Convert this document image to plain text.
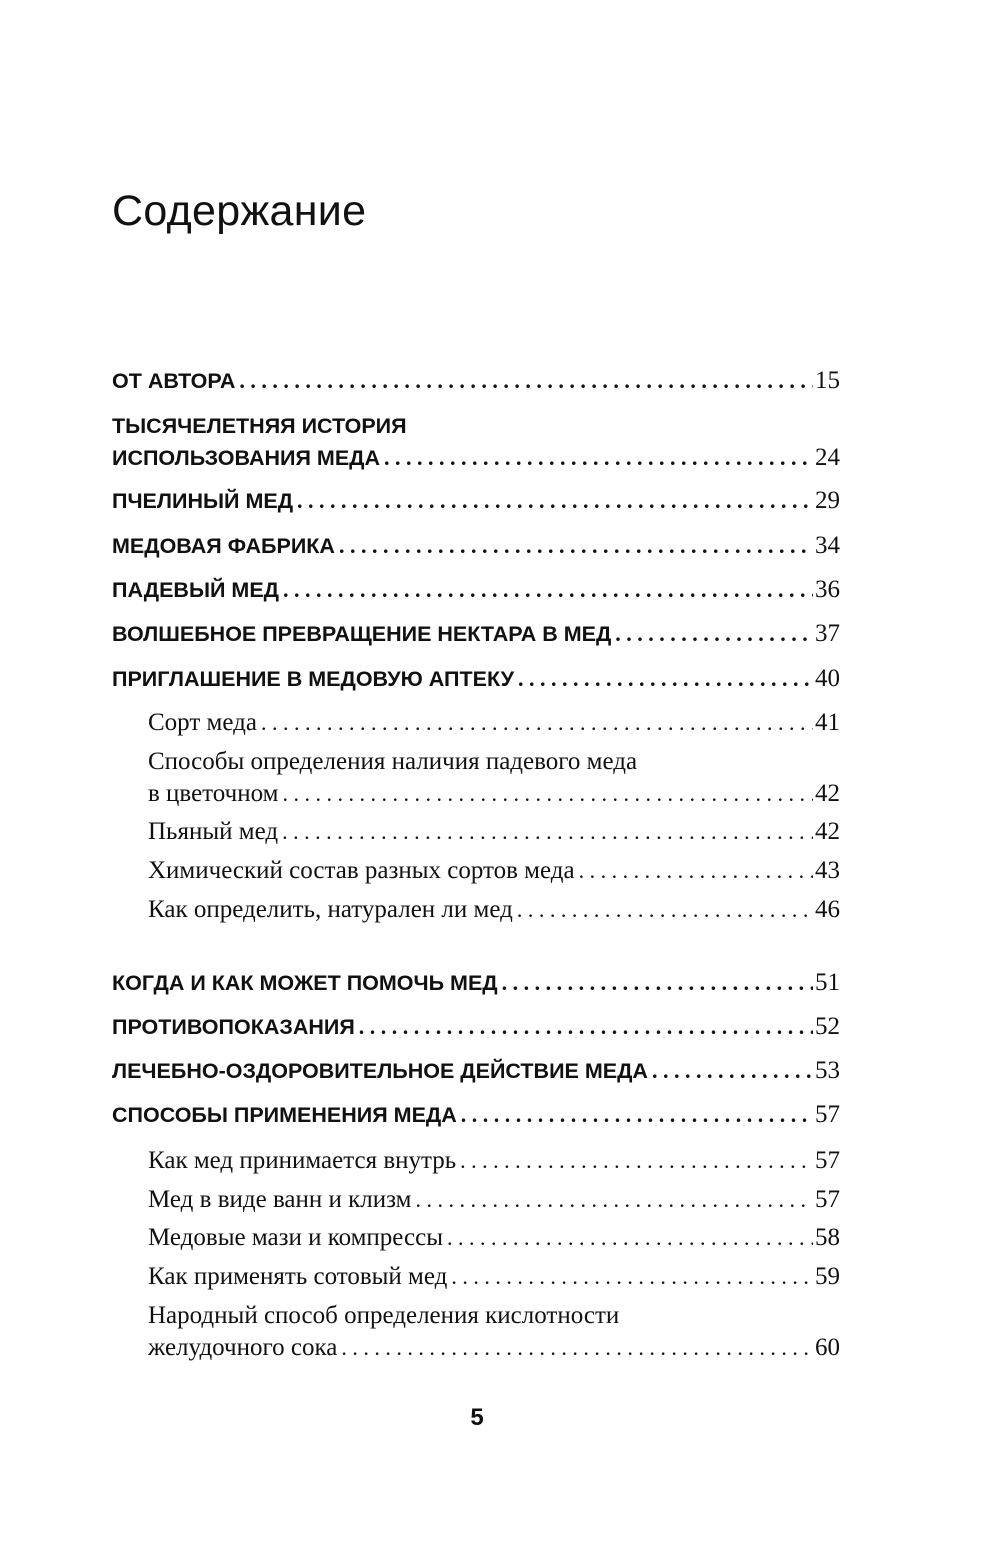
Содержание
ОТ АВТОРА . . .	15
ТЫСЯЧЕЛЕТНЯЯ ИСТОРИЯ
ИСПОЛЬЗОВАНИЯ МЕДА . . .	24
ПЧЕЛИНЫЙ МЕД . . .	29
МЕДОВАЯ ФАБРИКА . . .	34
ПАДЕВЫЙ МЕД . . .	36
ВОЛШЕБНОЕ ПРЕВРАЩЕНИЕ НЕКТАРА В МЕД . . .	37
ПРИГЛАШЕНИЕ В МЕДОВУЮ АПТЕКУ . . .	40
Сорт меда . . .	41
Способы определения наличия падевого меда
в цветочном . . .	42
Пьяный мед . . .	42
Химический состав разных сортов меда . . .	43
Как определить, натурален ли мед . . .	46
КОГДА И КАК МОЖЕТ ПОМОЧЬ МЕД . . .	51
ПРОТИВОПОКАЗАНИЯ . . .	52
ЛЕЧЕБНО-ОЗДОРОВИТЕЛЬНОЕ ДЕЙСТВИЕ МЕДА . . .	53
СПОСОБЫ ПРИМЕНЕНИЯ МЕДА . . .	57
Как мед принимается внутрь . . .	57
Мед в виде ванн и клизм . . .	57
Медовые мази и компрессы . . .	58
Как применять сотовый мед . . .	59
Народный способ определения кислотности
желудочного сока . . .	60
5
